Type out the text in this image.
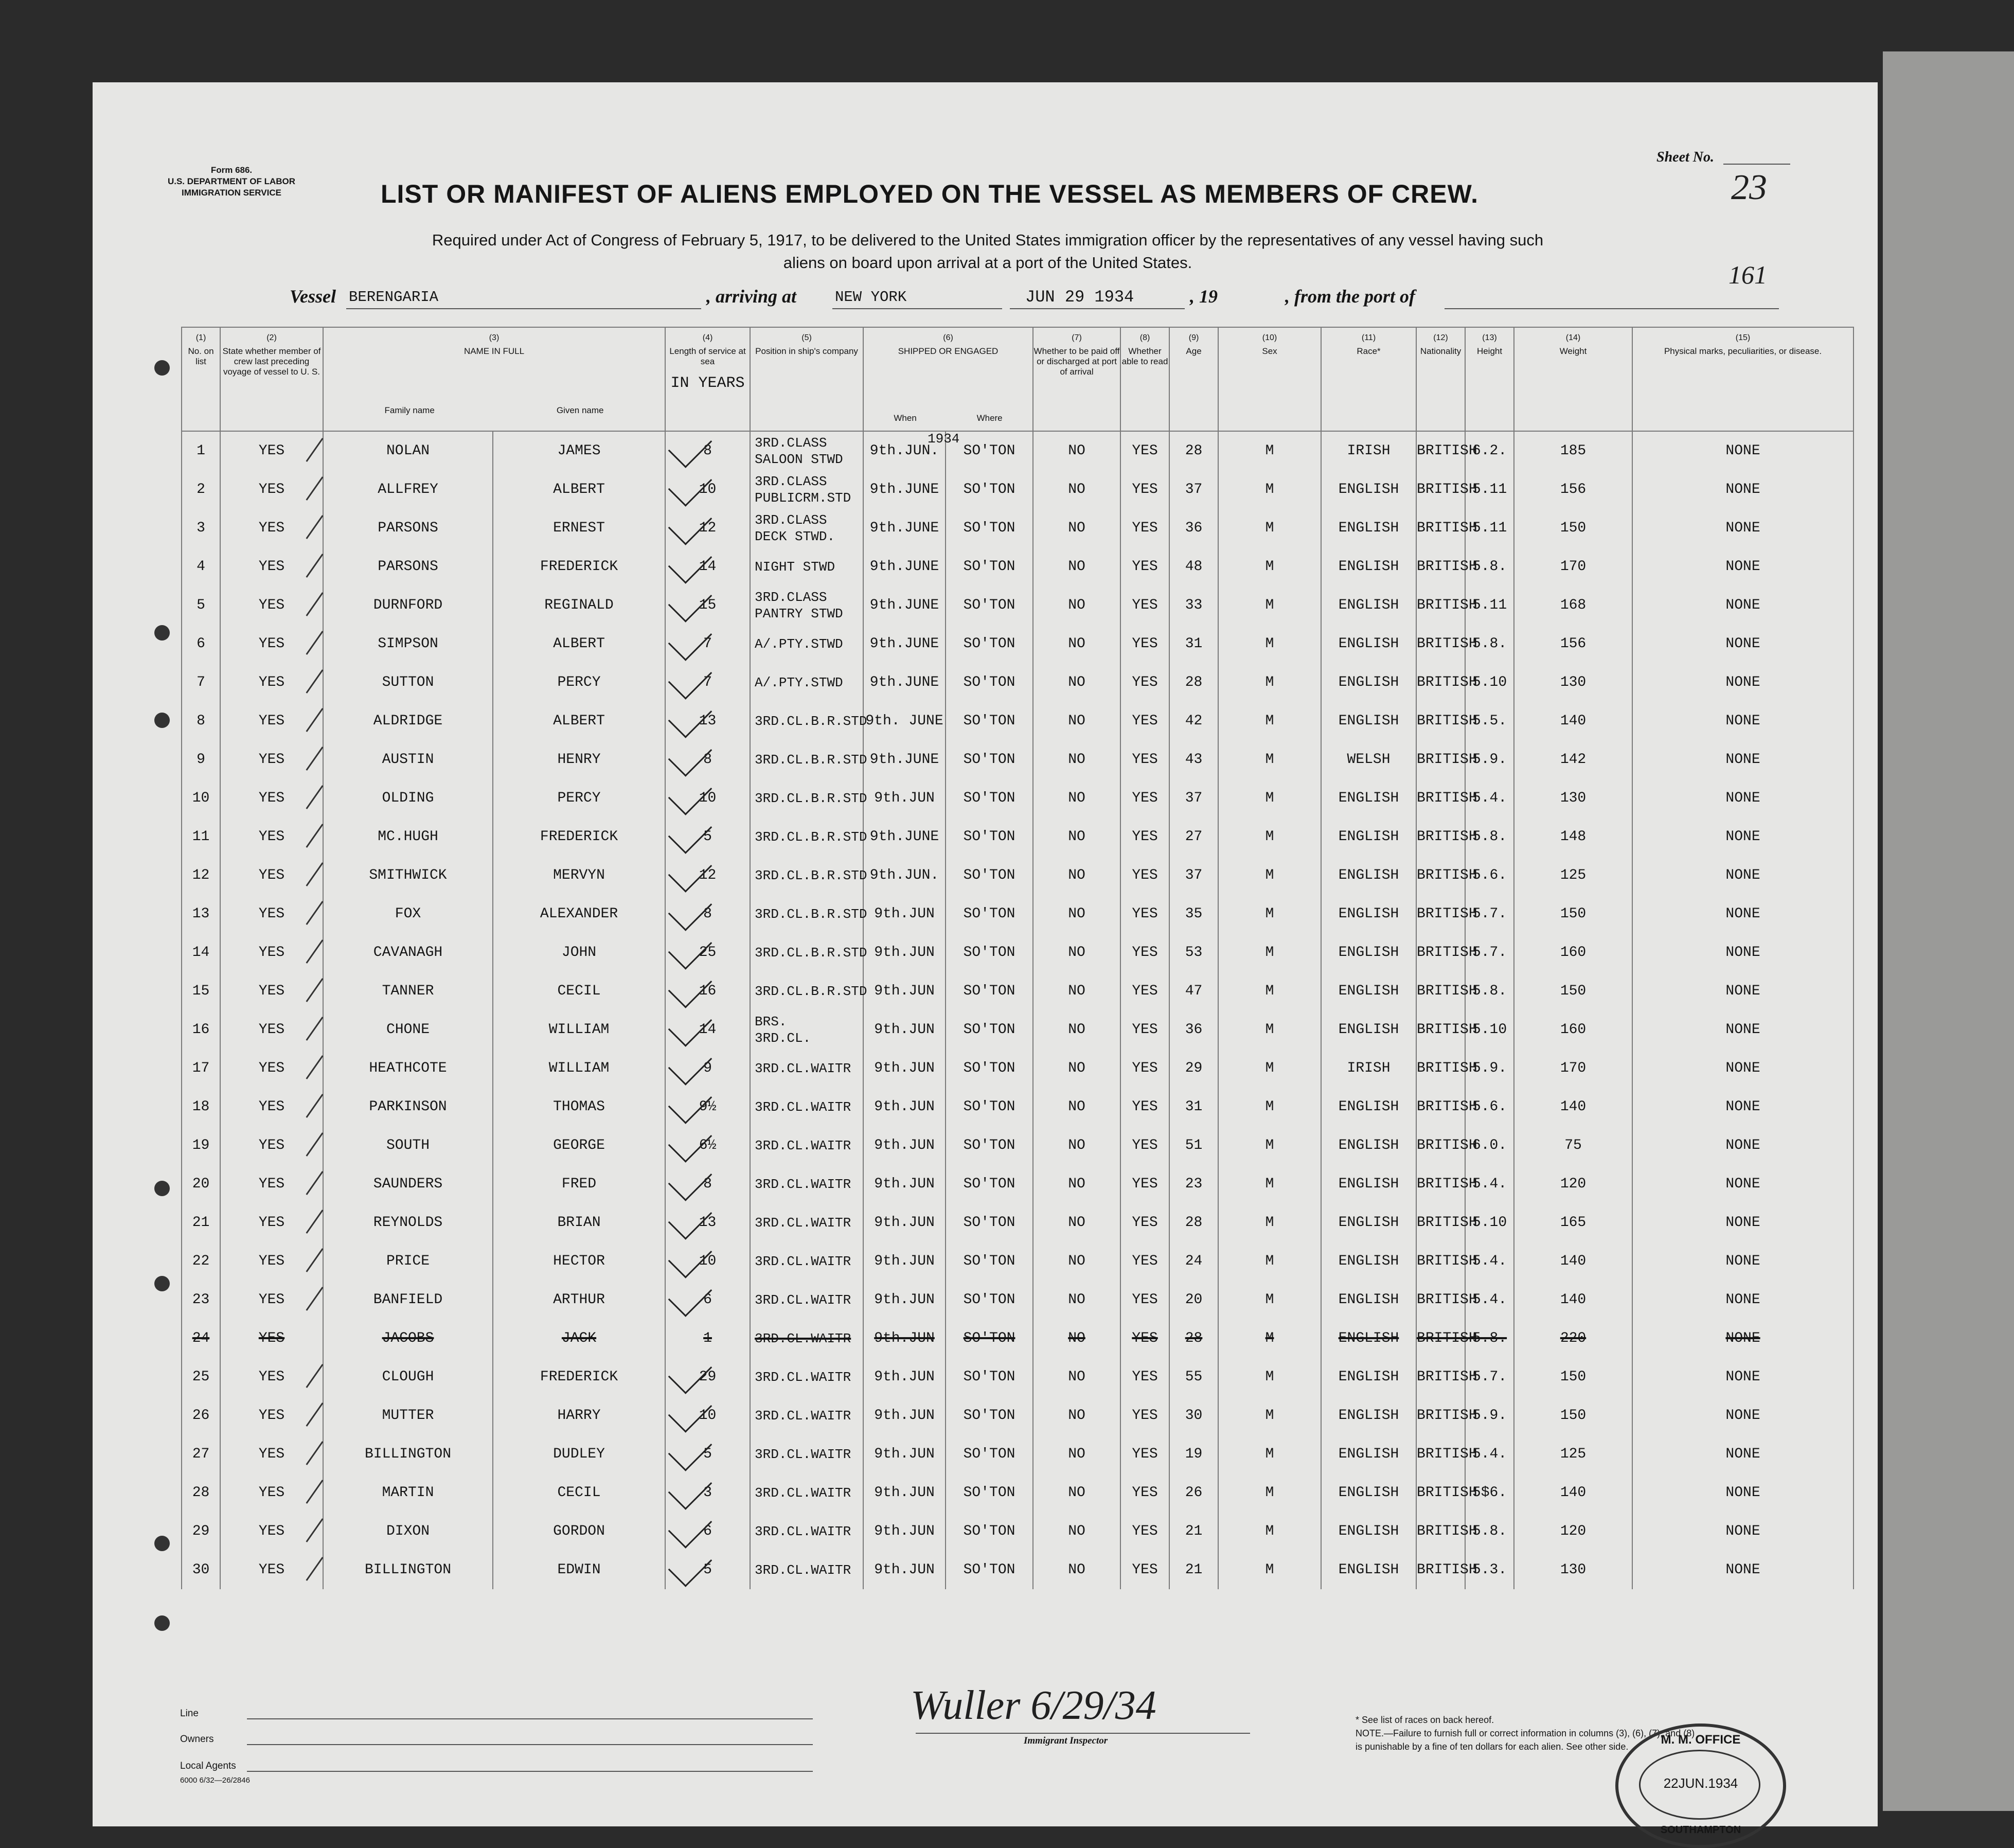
Form 686.
U.S. DEPARTMENT OF LABOR
IMMIGRATION SERVICE
Sheet No.
23
LIST OR MANIFEST OF ALIENS EMPLOYED ON THE VESSEL AS MEMBERS OF CREW.
Required under Act of Congress of February 5, 1917, to be delivered to the United States immigration officer by the representatives of any vessel having such
aliens on board upon arrival at a port of the United States.	161
Vessel BERENGARIA	, arriving at	NEW YORK	JUN 29 1934	, 19	, from the port of
(1)
No. on list	(2)
State whether member of crew last preceding voyage of vessel to U. S.	(3)
NAME IN FULL
Family name Given name		(4)
Length of service at sea
IN YEARS	(5)
Position in ship's company	(6)
SHIPPED OR ENGAGED
When Where		(7)
Whether to be paid off or discharged at port of arrival	(8)
Whether able to read	(9)
Age	(10)
Sex	(11)
Race*	(12)
Nationality	(13)
Height	(14)
Weight	(15)
Physical marks, peculiarities, or disease.	

1	YES	NOLAN	JAMES	8	3RD.CLASS
SALOON STWD	9th.JUN.	SO'TON	NO	YES	28	M	IRISH	BRITISH	6.2.	185	NONE	
2	YES	ALLFREY	ALBERT	10	3RD.CLASS
PUBLICRM.STD	9th.JUNE	SO'TON	NO	YES	37	M	ENGLISH	BRITISH	5.11	156	NONE	
3	YES	PARSONS	ERNEST	12	3RD.CLASS
DECK STWD.	9th.JUNE	SO'TON	NO	YES	36	M	ENGLISH	BRITISH	5.11	150	NONE	
4	YES	PARSONS	FREDERICK	14	NIGHT STWD	9th.JUNE	SO'TON	NO	YES	48	M	ENGLISH	BRITISH	5.8.	170	NONE	
5	YES	DURNFORD	REGINALD	15	3RD.CLASS
PANTRY STWD	9th.JUNE	SO'TON	NO	YES	33	M	ENGLISH	BRITISH	5.11	168	NONE	
6	YES	SIMPSON	ALBERT	7	A/.PTY.STWD	9th.JUNE	SO'TON	NO	YES	31	M	ENGLISH	BRITISH	5.8.	156	NONE	
7	YES	SUTTON	PERCY	7	A/.PTY.STWD	9th.JUNE	SO'TON	NO	YES	28	M	ENGLISH	BRITISH	5.10	130	NONE	
8	YES	ALDRIDGE	ALBERT	13	3RD.CL.B.R.STD	9th. JUNE	SO'TON	NO	YES	42	M	ENGLISH	BRITISH	5.5.	140	NONE	
9	YES	AUSTIN	HENRY	8	3RD.CL.B.R.STD	9th.JUNE	SO'TON	NO	YES	43	M	WELSH	BRITISH	5.9.	142	NONE	
10	YES	OLDING	PERCY	10	3RD.CL.B.R.STD	9th.JUN	SO'TON	NO	YES	37	M	ENGLISH	BRITISH	5.4.	130	NONE	
11	YES	MC.HUGH	FREDERICK	5	3RD.CL.B.R.STD	9th.JUNE	SO'TON	NO	YES	27	M	ENGLISH	BRITISH	5.8.	148	NONE	
12	YES	SMITHWICK	MERVYN	12	3RD.CL.B.R.STD	9th.JUN.	SO'TON	NO	YES	37	M	ENGLISH	BRITISH	5.6.	125	NONE	
13	YES	FOX	ALEXANDER	8	3RD.CL.B.R.STD	9th.JUN	SO'TON	NO	YES	35	M	ENGLISH	BRITISH	5.7.	150	NONE	
14	YES	CAVANAGH	JOHN	25	3RD.CL.B.R.STD	9th.JUN	SO'TON	NO	YES	53	M	ENGLISH	BRITISH	5.7.	160	NONE	
15	YES	TANNER	CECIL	16	3RD.CL.B.R.STD	9th.JUN	SO'TON	NO	YES	47	M	ENGLISH	BRITISH	5.8.	150	NONE	
16	YES	CHONE	WILLIAM	14	BRS.
3RD.CL.	9th.JUN	SO'TON	NO	YES	36	M	ENGLISH	BRITISH	5.10	160	NONE	
17	YES	HEATHCOTE	WILLIAM	9	3RD.CL.WAITR	9th.JUN	SO'TON	NO	YES	29	M	IRISH	BRITISH	5.9.	170	NONE	
18	YES	PARKINSON	THOMAS	9½	3RD.CL.WAITR	9th.JUN	SO'TON	NO	YES	31	M	ENGLISH	BRITISH	5.6.	140	NONE	
19	YES	SOUTH	GEORGE	6½	3RD.CL.WAITR	9th.JUN	SO'TON	NO	YES	51	M	ENGLISH	BRITISH	6.0.	75	NONE	
20	YES	SAUNDERS	FRED	8	3RD.CL.WAITR	9th.JUN	SO'TON	NO	YES	23	M	ENGLISH	BRITISH	5.4.	120	NONE	
21	YES	REYNOLDS	BRIAN	13	3RD.CL.WAITR	9th.JUN	SO'TON	NO	YES	28	M	ENGLISH	BRITISH	5.10	165	NONE	
22	YES	PRICE	HECTOR	10	3RD.CL.WAITR	9th.JUN	SO'TON	NO	YES	24	M	ENGLISH	BRITISH	5.4.	140	NONE	
23	YES	BANFIELD	ARTHUR	6	3RD.CL.WAITR	9th.JUN	SO'TON	NO	YES	20	M	ENGLISH	BRITISH	5.4.	140	NONE	
24	YES	JACOBS	JACK	1	3RD.CL.WAITR	9th.JUN	SO'TON	NO	YES	28	M	ENGLISH	BRITISH	5.8.	220	NONE	
25	YES	CLOUGH	FREDERICK	29	3RD.CL.WAITR	9th.JUN	SO'TON	NO	YES	55	M	ENGLISH	BRITISH	5.7.	150	NONE	
26	YES	MUTTER	HARRY	10	3RD.CL.WAITR	9th.JUN	SO'TON	NO	YES	30	M	ENGLISH	BRITISH	5.9.	150	NONE	
27	YES	BILLINGTON	DUDLEY	5	3RD.CL.WAITR	9th.JUN	SO'TON	NO	YES	19	M	ENGLISH	BRITISH	5.4.	125	NONE	
28	YES	MARTIN	CECIL	3	3RD.CL.WAITR	9th.JUN	SO'TON	NO	YES	26	M	ENGLISH	BRITISH	5$6.	140	NONE	
29	YES	DIXON	GORDON	6	3RD.CL.WAITR	9th.JUN	SO'TON	NO	YES	21	M	ENGLISH	BRITISH	5.8.	120	NONE	
30	YES	BILLINGTON	EDWIN	5	3RD.CL.WAITR	9th.JUN	SO'TON	NO	YES	21	M	ENGLISH	BRITISH	5.3.	130	NONE	
1934
Line
Owners
Local Agents
6000 6/32—26/2846
Wuller 6/29/34
Immigrant Inspector
* See list of races on back hereof.
NOTE.—Failure to furnish full or correct information in columns (3), (6), (7), and (8)
is punishable by a fine of ten dollars for each alien. See other side.	M. M. OFFICE
22JUN.1934
SOUTHAMPTON
